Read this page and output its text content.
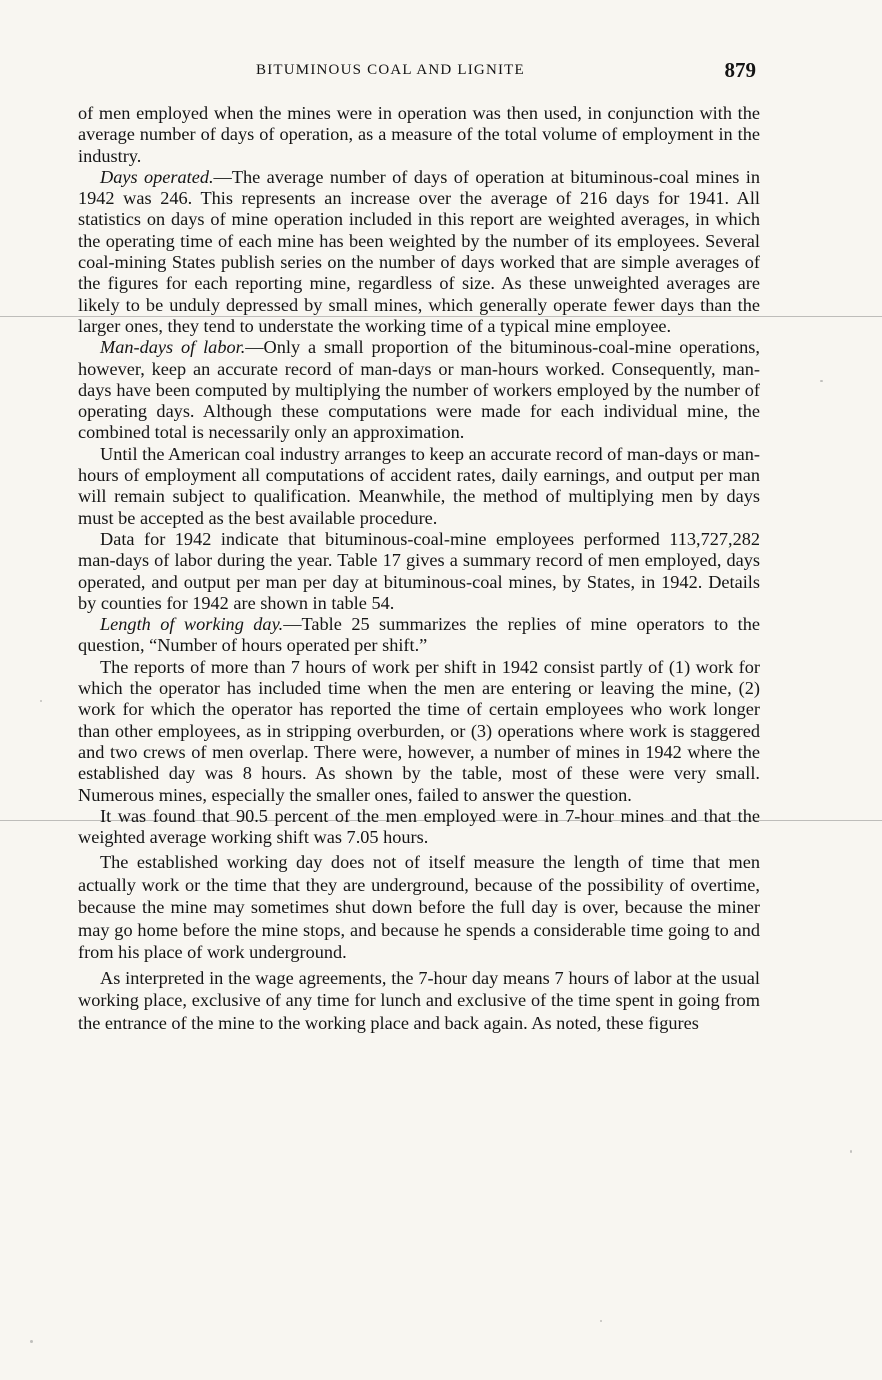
BITUMINOUS COAL AND LIGNITE	879

of men employed when the mines were in operation was then used, in conjunction with the average number of days of operation, as a measure of the total volume of employment in the industry.

Days operated.—The average number of days of operation at bituminous-coal mines in 1942 was 246. This represents an increase over the average of 216 days for 1941. All statistics on days of mine operation included in this report are weighted averages, in which the operating time of each mine has been weighted by the number of its employees. Several coal-mining States publish series on the number of days worked that are simple averages of the figures for each reporting mine, regardless of size. As these unweighted averages are likely to be unduly depressed by small mines, which generally operate fewer days than the larger ones, they tend to understate the working time of a typical mine employee.

Man-days of labor.—Only a small proportion of the bituminous-coal-mine operations, however, keep an accurate record of man-days or man-hours worked. Consequently, man-days have been computed by multiplying the number of workers employed by the number of operating days. Although these computations were made for each individual mine, the combined total is necessarily only an approximation.

Until the American coal industry arranges to keep an accurate record of man-days or man-hours of employment all computations of accident rates, daily earnings, and output per man will remain subject to qualification. Meanwhile, the method of multiplying men by days must be accepted as the best available procedure.

Data for 1942 indicate that bituminous-coal-mine employees performed 113,727,282 man-days of labor during the year. Table 17 gives a summary record of men employed, days operated, and output per man per day at bituminous-coal mines, by States, in 1942. Details by counties for 1942 are shown in table 54.

Length of working day.—Table 25 summarizes the replies of mine operators to the question, “Number of hours operated per shift.”

The reports of more than 7 hours of work per shift in 1942 consist partly of (1) work for which the operator has included time when the men are entering or leaving the mine, (2) work for which the operator has reported the time of certain employees who work longer than other employees, as in stripping overburden, or (3) operations where work is staggered and two crews of men overlap. There were, however, a number of mines in 1942 where the established day was 8 hours. As shown by the table, most of these were very small. Numerous mines, especially the smaller ones, failed to answer the question.

It was found that 90.5 percent of the men employed were in 7-hour mines and that the weighted average working shift was 7.05 hours.

The established working day does not of itself measure the length of time that men actually work or the time that they are underground, because of the possibility of overtime, because the mine may sometimes shut down before the full day is over, because the miner may go home before the mine stops, and because he spends a considerable time going to and from his place of work underground.

As interpreted in the wage agreements, the 7-hour day means 7 hours of labor at the usual working place, exclusive of any time for lunch and exclusive of the time spent in going from the entrance of the mine to the working place and back again. As noted, these figures
